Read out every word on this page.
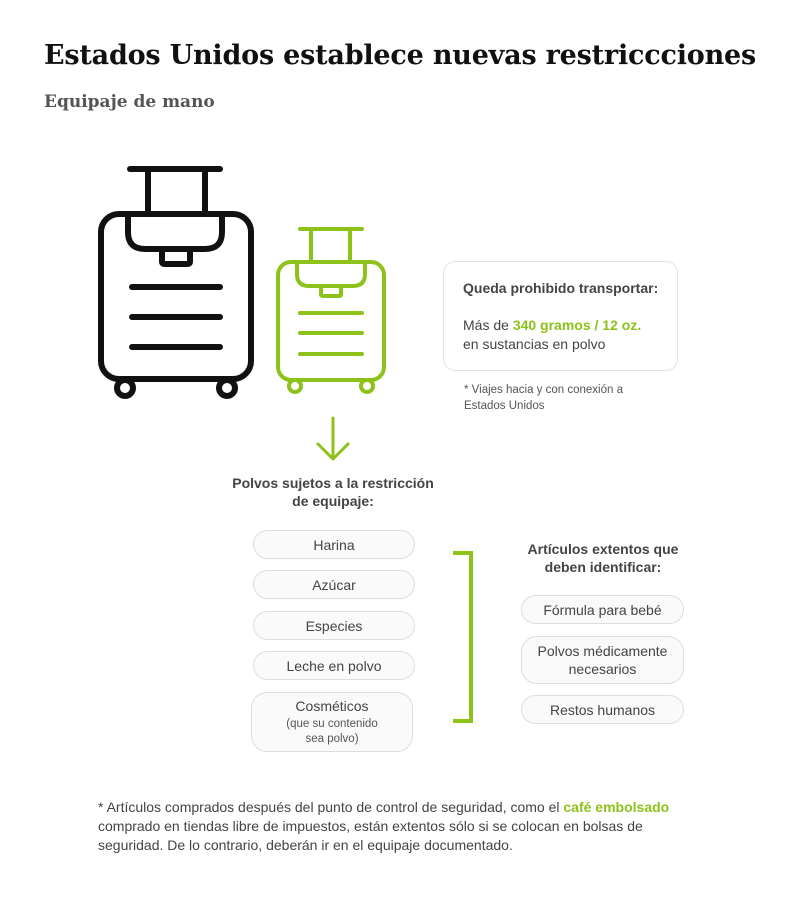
Estados Unidos establece nuevas restriccciones
Equipaje de mano
Queda prohibido transportar:
Más de 340 gramos / 12 oz.
en sustancias en polvo
* Viajes hacia y con conexión a Estados Unidos
Polvos sujetos a la restricción
de equipaje:
Harina
Azúcar
Especies
Leche en polvo
Cosméticos
(que su contenido
sea polvo)
Artículos extentos que
deben identificar:
Fórmula para bebé
Polvos médicamente
necesarios
Restos humanos
* Artículos comprados después del punto de control de seguridad, como el café embolsado comprado en tiendas libre de impuestos, están extentos sólo si se colocan en bolsas de seguridad. De lo contrario, deberán ir en el equipaje documentado.
